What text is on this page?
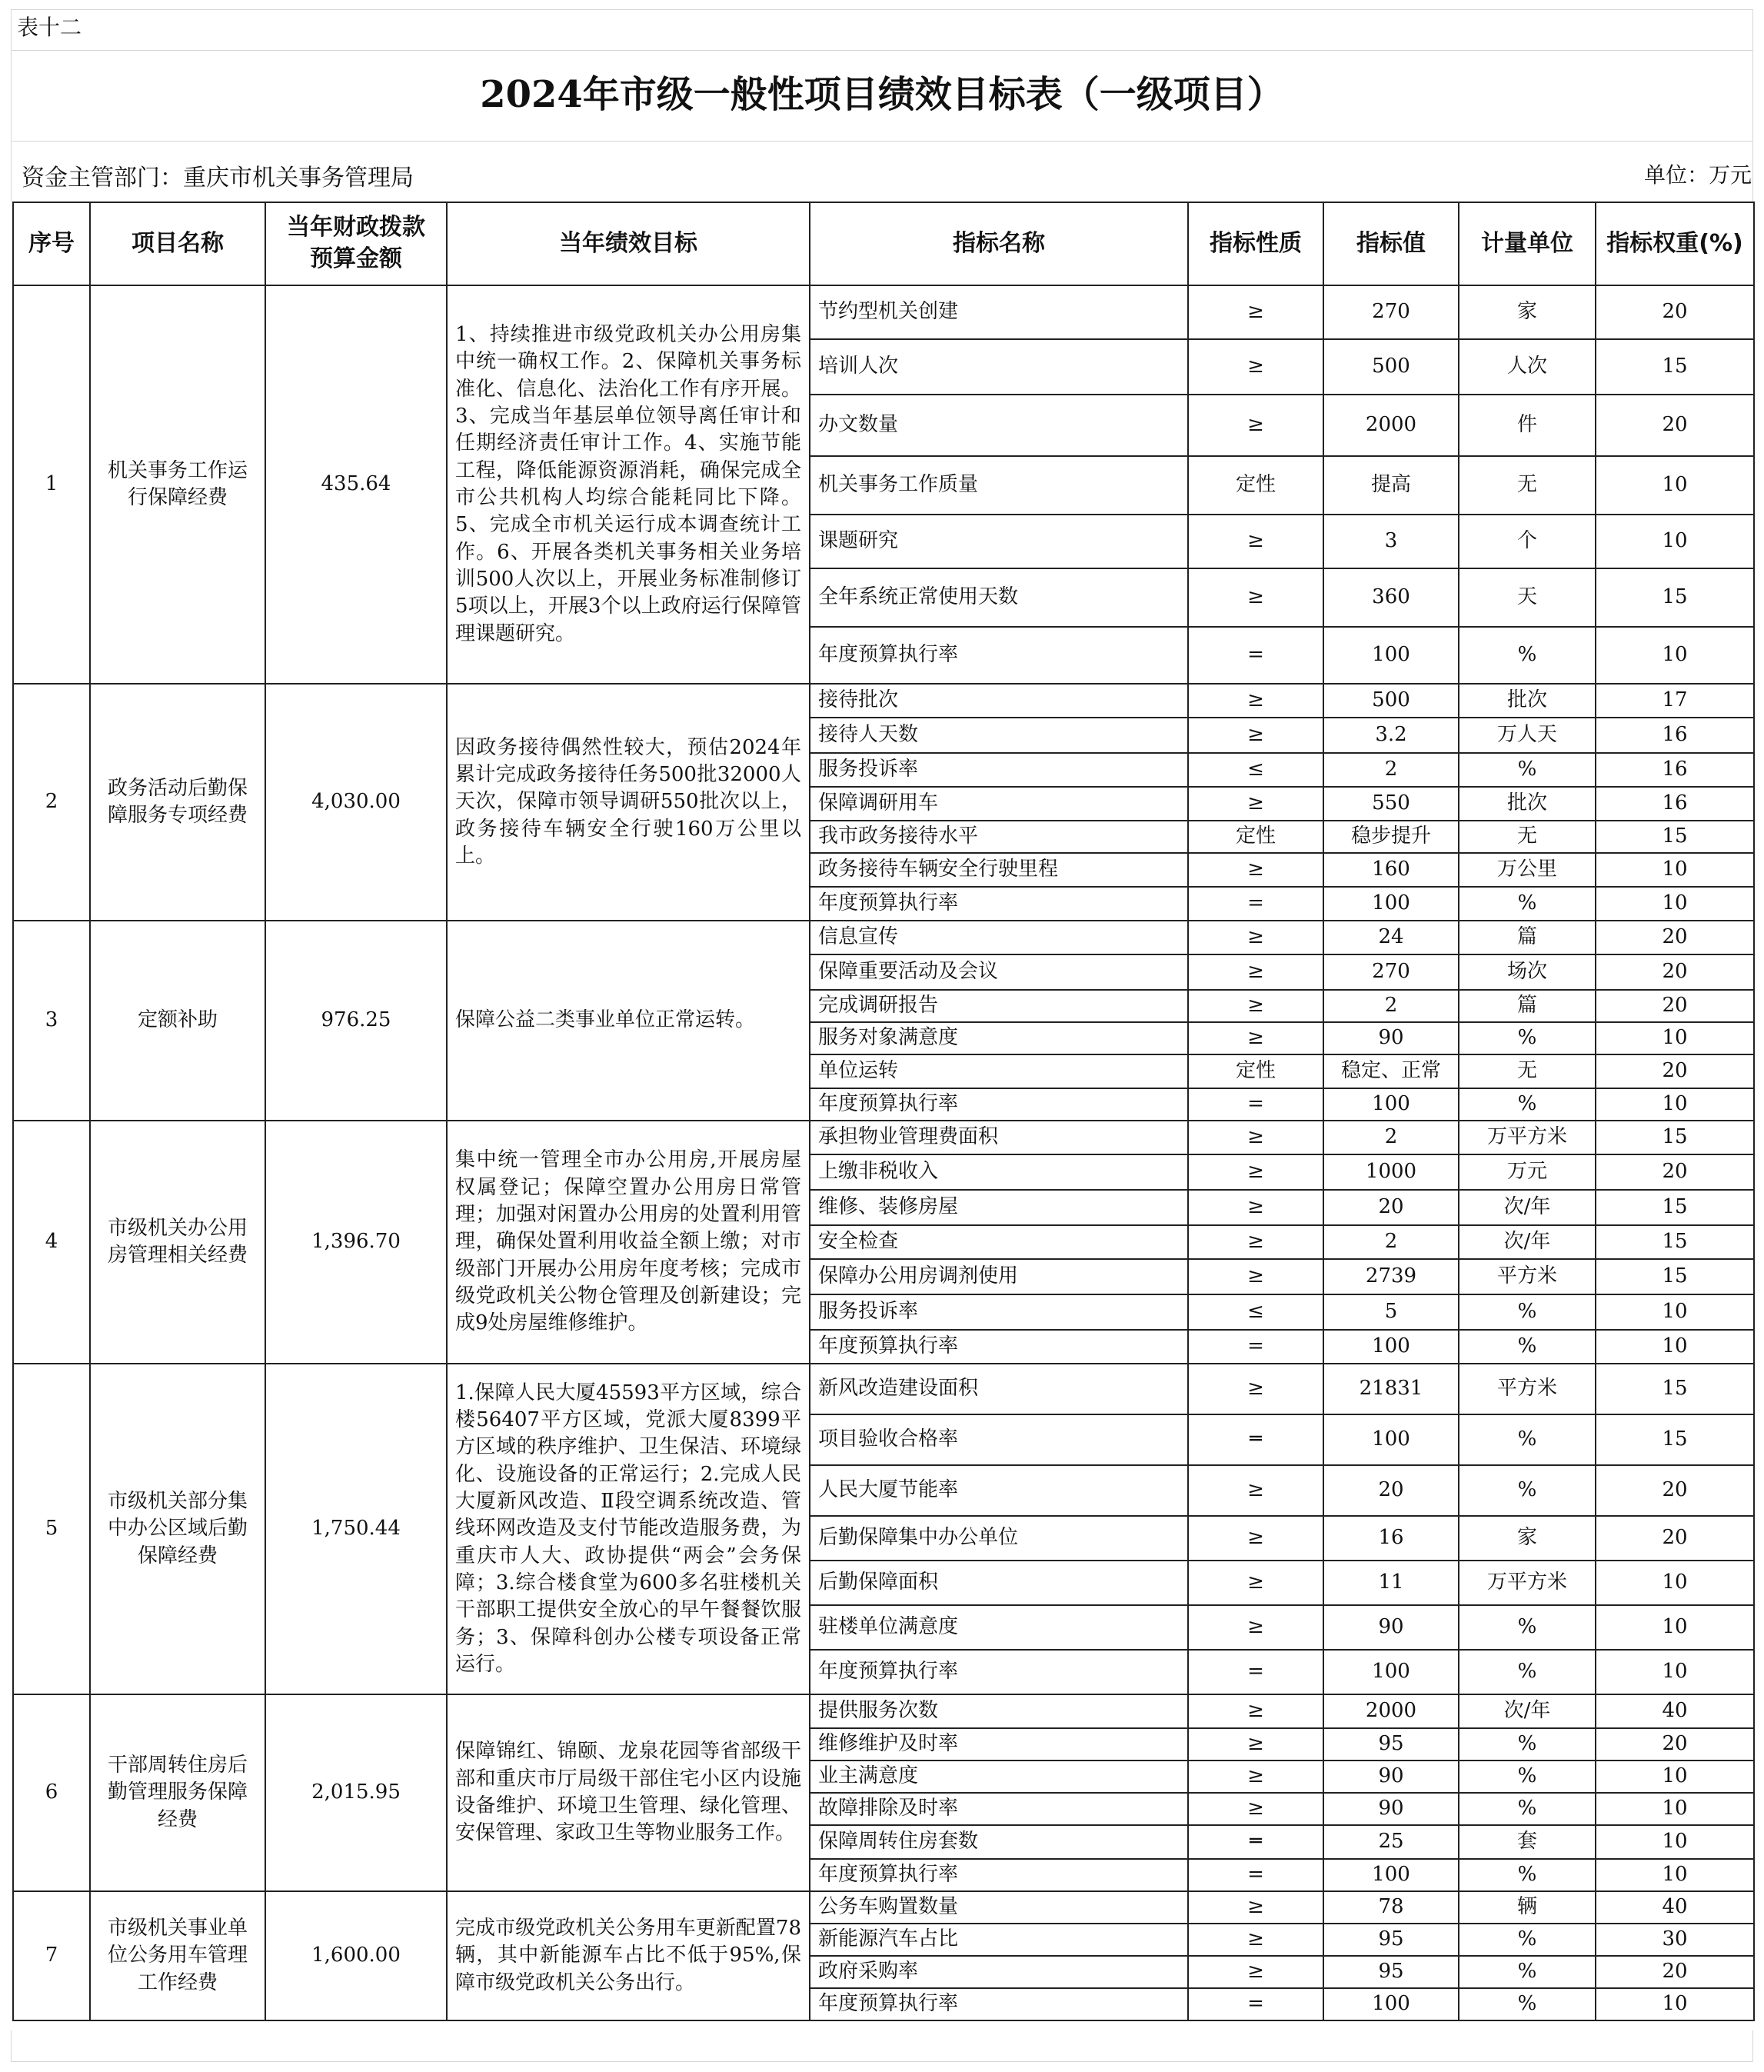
表十二
2024年市级一般性项目绩效目标表（一级项目）
资金主管部门：重庆市机关事务管理局	单位：万元
序号	项目名称	当年财政拨款预算金额	当年绩效目标	指标名称	指标性质	指标值	计量单位	指标权重(%)
1	机关事务工作运行保障经费	435.64	1、持续推进市级党政机关办公用房集中统一确权工作。2、保障机关事务标准化、信息化、法治化工作有序开展。3、完成当年基层单位领导离任审计和任期经济责任审计工作。4、实施节能工程，降低能源资源消耗，确保完成全市公共机构人均综合能耗同比下降。5、完成全市机关运行成本调查统计工作。6、开展各类机关事务相关业务培训500人次以上，开展业务标准制修订5项以上，开展3个以上政府运行保障管理课题研究。	节约型机关创建	≥	270	家	20
				培训人次	≥	500	人次	15
				办文数量	≥	2000	件	20
				机关事务工作质量	定性	提高	无	10
				课题研究	≥	3	个	10
				全年系统正常使用天数	≥	360	天	15
				年度预算执行率	=	100	%	10
2	政务活动后勤保障服务专项经费	4,030.00	因政务接待偶然性较大，预估2024年累计完成政务接待任务500批32000人天次，保障市领导调研550批次以上，政务接待车辆安全行驶160万公里以上。	接待批次	≥	500	批次	17
				接待人天数	≥	3.2	万人天	16
				服务投诉率	≤	2	%	16
				保障调研用车	≥	550	批次	16
				我市政务接待水平	定性	稳步提升	无	15
				政务接待车辆安全行驶里程	≥	160	万公里	10
				年度预算执行率	=	100	%	10
3	定额补助	976.25	保障公益二类事业单位正常运转。	信息宣传	≥	24	篇	20
				保障重要活动及会议	≥	270	场次	20
				完成调研报告	≥	2	篇	20
				服务对象满意度	≥	90	%	10
				单位运转	定性	稳定、正常	无	20
				年度预算执行率	=	100	%	10
4	市级机关办公用房管理相关经费	1,396.70	集中统一管理全市办公用房,开展房屋权属登记；保障空置办公用房日常管理；加强对闲置办公用房的处置利用管理，确保处置利用收益全额上缴；对市级部门开展办公用房年度考核；完成市级党政机关公物仓管理及创新建设；完成9处房屋维修维护。	承担物业管理费面积	≥	2	万平方米	15
				上缴非税收入	≥	1000	万元	20
				维修、装修房屋	≥	20	次/年	15
				安全检查	≥	2	次/年	15
				保障办公用房调剂使用	≥	2739	平方米	15
				服务投诉率	≤	5	%	10
				年度预算执行率	=	100	%	10
5	市级机关部分集中办公区域后勤保障经费	1,750.44	1.保障人民大厦45593平方区域，综合楼56407平方区域，党派大厦8399平方区域的秩序维护、卫生保洁、环境绿化、设施设备的正常运行；2.完成人民大厦新风改造、Ⅱ段空调系统改造、管线环网改造及支付节能改造服务费，为重庆市人大、政协提供“两会”会务保障；3.综合楼食堂为600多名驻楼机关干部职工提供安全放心的早午餐餐饮服务；3、保障科创办公楼专项设备正常运行。	新风改造建设面积	≥	21831	平方米	15
				项目验收合格率	═	100	%	15
				人民大厦节能率	≥	20	%	20
				后勤保障集中办公单位	≥	16	家	20
				后勤保障面积	≥	11	万平方米	10
				驻楼单位满意度	≥	90	%	10
				年度预算执行率	=	100	%	10
6	干部周转住房后勤管理服务保障经费	2,015.95	保障锦红、锦颐、龙泉花园等省部级干部和重庆市厅局级干部住宅小区内设施设备维护、环境卫生管理、绿化管理、安保管理、家政卫生等物业服务工作。	提供服务次数	≥	2000	次/年	40
				维修维护及时率	≥	95	%	20
				业主满意度	≥	90	%	10
				故障排除及时率	≥	90	%	10
				保障周转住房套数	═	25	套	10
				年度预算执行率	=	100	%	10
7	市级机关事业单位公务用车管理工作经费	1,600.00	完成市级党政机关公务用车更新配置78辆，其中新能源车占比不低于95%,保障市级党政机关公务出行。	公务车购置数量	≥	78	辆	40
				新能源汽车占比	≥	95	%	30
				政府采购率	≥	95	%	20
				年度预算执行率	=	100	%	10
